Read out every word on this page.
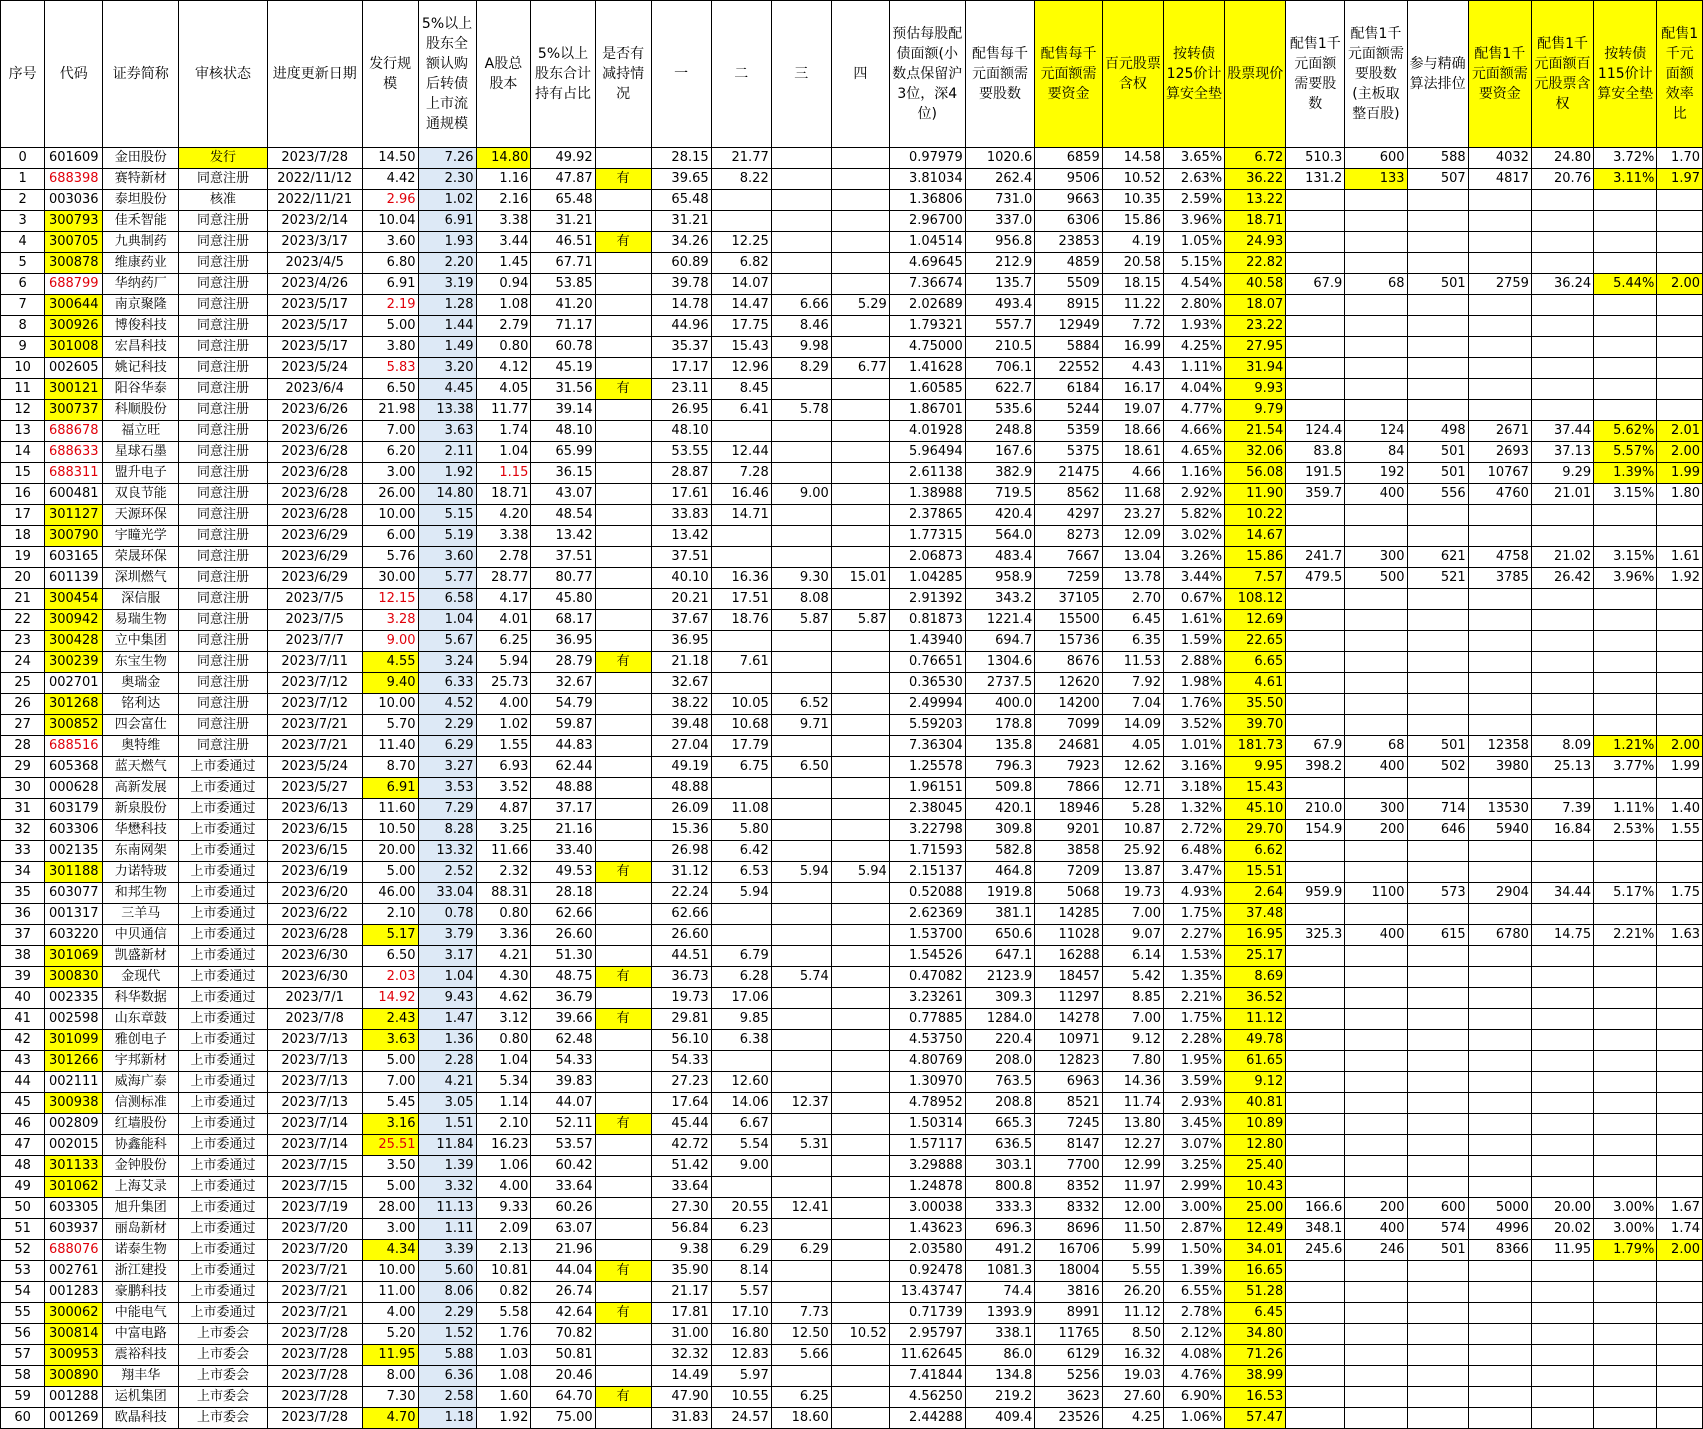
序号	代码	证券简称	审核状态	进度更新日期	发行规模	5%以上股东全额认购后转债上市流通规模	A股总股本	5%以上股东合计持有占比	是否有减持情况	一	二	三	四	预估每股配债面额(小数点保留沪3位，深4位)	配售每千元面额需要股数	配售每千元面额需要资金	百元股票含权	按转债125价计算安全垫	股票现价	配售1千元面额需要股数	配售1千元面额需要股数(主板取整百股)	参与精确算法排位	配售1千元面额需要资金	配售1千元面额百元股票含权	按转债115价计算安全垫	配售1千元面额效率比
0	601609	金田股份	发行	2023/7/28	14.50	7.26	14.80	49.92		28.15	21.77			0.97979	1020.6	6859	14.58	3.65%	6.72	510.3	600	588	4032	24.80	3.72%	1.70
1	688398	赛特新材	同意注册	2022/11/12	4.42	2.30	1.16	47.87	有	39.65	8.22			3.81034	262.4	9506	10.52	2.63%	36.22	131.2	133	507	4817	20.76	3.11%	1.97
2	003036	泰坦股份	核准	2022/11/21	2.96	1.02	2.16	65.48		65.48				1.36806	731.0	9663	10.35	2.59%	13.22							
3	300793	佳禾智能	同意注册	2023/2/14	10.04	6.91	3.38	31.21		31.21				2.96700	337.0	6306	15.86	3.96%	18.71							
4	300705	九典制药	同意注册	2023/3/17	3.60	1.93	3.44	46.51	有	34.26	12.25			1.04514	956.8	23853	4.19	1.05%	24.93							
5	300878	维康药业	同意注册	2023/4/5	6.80	2.20	1.45	67.71		60.89	6.82			4.69645	212.9	4859	20.58	5.15%	22.82							
6	688799	华纳药厂	同意注册	2023/4/26	6.91	3.19	0.94	53.85		39.78	14.07			7.36674	135.7	5509	18.15	4.54%	40.58	67.9	68	501	2759	36.24	5.44%	2.00
7	300644	南京聚隆	同意注册	2023/5/17	2.19	1.28	1.08	41.20		14.78	14.47	6.66	5.29	2.02689	493.4	8915	11.22	2.80%	18.07							
8	300926	博俊科技	同意注册	2023/5/17	5.00	1.44	2.79	71.17		44.96	17.75	8.46		1.79321	557.7	12949	7.72	1.93%	23.22							
9	301008	宏昌科技	同意注册	2023/5/17	3.80	1.49	0.80	60.78		35.37	15.43	9.98		4.75000	210.5	5884	16.99	4.25%	27.95							
10	002605	姚记科技	同意注册	2023/5/24	5.83	3.20	4.12	45.19		17.17	12.96	8.29	6.77	1.41628	706.1	22552	4.43	1.11%	31.94							
11	300121	阳谷华泰	同意注册	2023/6/4	6.50	4.45	4.05	31.56	有	23.11	8.45			1.60585	622.7	6184	16.17	4.04%	9.93							
12	300737	科顺股份	同意注册	2023/6/26	21.98	13.38	11.77	39.14		26.95	6.41	5.78		1.86701	535.6	5244	19.07	4.77%	9.79							
13	688678	福立旺	同意注册	2023/6/26	7.00	3.63	1.74	48.10		48.10				4.01928	248.8	5359	18.66	4.66%	21.54	124.4	124	498	2671	37.44	5.62%	2.01
14	688633	星球石墨	同意注册	2023/6/28	6.20	2.11	1.04	65.99		53.55	12.44			5.96494	167.6	5375	18.61	4.65%	32.06	83.8	84	501	2693	37.13	5.57%	2.00
15	688311	盟升电子	同意注册	2023/6/28	3.00	1.92	1.15	36.15		28.87	7.28			2.61138	382.9	21475	4.66	1.16%	56.08	191.5	192	501	10767	9.29	1.39%	1.99
16	600481	双良节能	同意注册	2023/6/28	26.00	14.80	18.71	43.07		17.61	16.46	9.00		1.38988	719.5	8562	11.68	2.92%	11.90	359.7	400	556	4760	21.01	3.15%	1.80
17	301127	天源环保	同意注册	2023/6/28	10.00	5.15	4.20	48.54		33.83	14.71			2.37865	420.4	4297	23.27	5.82%	10.22							
18	300790	宇瞳光学	同意注册	2023/6/29	6.00	5.19	3.38	13.42		13.42				1.77315	564.0	8273	12.09	3.02%	14.67							
19	603165	荣晟环保	同意注册	2023/6/29	5.76	3.60	2.78	37.51		37.51				2.06873	483.4	7667	13.04	3.26%	15.86	241.7	300	621	4758	21.02	3.15%	1.61
20	601139	深圳燃气	同意注册	2023/6/29	30.00	5.77	28.77	80.77		40.10	16.36	9.30	15.01	1.04285	958.9	7259	13.78	3.44%	7.57	479.5	500	521	3785	26.42	3.96%	1.92
21	300454	深信服	同意注册	2023/7/5	12.15	6.58	4.17	45.80		20.21	17.51	8.08		2.91392	343.2	37105	2.70	0.67%	108.12							
22	300942	易瑞生物	同意注册	2023/7/5	3.28	1.04	4.01	68.17		37.67	18.76	5.87	5.87	0.81873	1221.4	15500	6.45	1.61%	12.69							
23	300428	立中集团	同意注册	2023/7/7	9.00	5.67	6.25	36.95		36.95				1.43940	694.7	15736	6.35	1.59%	22.65							
24	300239	东宝生物	同意注册	2023/7/11	4.55	3.24	5.94	28.79	有	21.18	7.61			0.76651	1304.6	8676	11.53	2.88%	6.65							
25	002701	奥瑞金	同意注册	2023/7/12	9.40	6.33	25.73	32.67		32.67				0.36530	2737.5	12620	7.92	1.98%	4.61							
26	301268	铭利达	同意注册	2023/7/12	10.00	4.52	4.00	54.79		38.22	10.05	6.52		2.49994	400.0	14200	7.04	1.76%	35.50							
27	300852	四会富仕	同意注册	2023/7/21	5.70	2.29	1.02	59.87		39.48	10.68	9.71		5.59203	178.8	7099	14.09	3.52%	39.70							
28	688516	奥特维	同意注册	2023/7/21	11.40	6.29	1.55	44.83		27.04	17.79			7.36304	135.8	24681	4.05	1.01%	181.73	67.9	68	501	12358	8.09	1.21%	2.00
29	605368	蓝天燃气	上市委通过	2023/5/24	8.70	3.27	6.93	62.44		49.19	6.75	6.50		1.25578	796.3	7923	12.62	3.16%	9.95	398.2	400	502	3980	25.13	3.77%	1.99
30	000628	高新发展	上市委通过	2023/5/27	6.91	3.53	3.52	48.88		48.88				1.96151	509.8	7866	12.71	3.18%	15.43							
31	603179	新泉股份	上市委通过	2023/6/13	11.60	7.29	4.87	37.17		26.09	11.08			2.38045	420.1	18946	5.28	1.32%	45.10	210.0	300	714	13530	7.39	1.11%	1.40
32	603306	华懋科技	上市委通过	2023/6/15	10.50	8.28	3.25	21.16		15.36	5.80			3.22798	309.8	9201	10.87	2.72%	29.70	154.9	200	646	5940	16.84	2.53%	1.55
33	002135	东南网架	上市委通过	2023/6/15	20.00	13.32	11.66	33.40		26.98	6.42			1.71593	582.8	3858	25.92	6.48%	6.62							
34	301188	力诺特玻	上市委通过	2023/6/19	5.00	2.52	2.32	49.53	有	31.12	6.53	5.94	5.94	2.15137	464.8	7209	13.87	3.47%	15.51							
35	603077	和邦生物	上市委通过	2023/6/20	46.00	33.04	88.31	28.18		22.24	5.94			0.52088	1919.8	5068	19.73	4.93%	2.64	959.9	1100	573	2904	34.44	5.17%	1.75
36	001317	三羊马	上市委通过	2023/6/22	2.10	0.78	0.80	62.66		62.66				2.62369	381.1	14285	7.00	1.75%	37.48							
37	603220	中贝通信	上市委通过	2023/6/28	5.17	3.79	3.36	26.60		26.60				1.53700	650.6	11028	9.07	2.27%	16.95	325.3	400	615	6780	14.75	2.21%	1.63
38	301069	凯盛新材	上市委通过	2023/6/30	6.50	3.17	4.21	51.30		44.51	6.79			1.54526	647.1	16288	6.14	1.53%	25.17							
39	300830	金现代	上市委通过	2023/6/30	2.03	1.04	4.30	48.75	有	36.73	6.28	5.74		0.47082	2123.9	18457	5.42	1.35%	8.69							
40	002335	科华数据	上市委通过	2023/7/1	14.92	9.43	4.62	36.79		19.73	17.06			3.23261	309.3	11297	8.85	2.21%	36.52							
41	002598	山东章鼓	上市委通过	2023/7/8	2.43	1.47	3.12	39.66	有	29.81	9.85			0.77885	1284.0	14278	7.00	1.75%	11.12							
42	301099	雅创电子	上市委通过	2023/7/13	3.63	1.36	0.80	62.48		56.10	6.38			4.53750	220.4	10971	9.12	2.28%	49.78							
43	301266	宇邦新材	上市委通过	2023/7/13	5.00	2.28	1.04	54.33		54.33				4.80769	208.0	12823	7.80	1.95%	61.65							
44	002111	威海广泰	上市委通过	2023/7/13	7.00	4.21	5.34	39.83		27.23	12.60			1.30970	763.5	6963	14.36	3.59%	9.12							
45	300938	信测标准	上市委通过	2023/7/13	5.45	3.05	1.14	44.07		17.64	14.06	12.37		4.78952	208.8	8521	11.74	2.93%	40.81							
46	002809	红墙股份	上市委通过	2023/7/14	3.16	1.51	2.10	52.11	有	45.44	6.67			1.50314	665.3	7245	13.80	3.45%	10.89							
47	002015	协鑫能科	上市委通过	2023/7/14	25.51	11.84	16.23	53.57		42.72	5.54	5.31		1.57117	636.5	8147	12.27	3.07%	12.80							
48	301133	金钟股份	上市委通过	2023/7/15	3.50	1.39	1.06	60.42		51.42	9.00			3.29888	303.1	7700	12.99	3.25%	25.40							
49	301062	上海艾录	上市委通过	2023/7/15	5.00	3.32	4.00	33.64		33.64				1.24878	800.8	8352	11.97	2.99%	10.43							
50	603305	旭升集团	上市委通过	2023/7/19	28.00	11.13	9.33	60.26		27.30	20.55	12.41		3.00038	333.3	8332	12.00	3.00%	25.00	166.6	200	600	5000	20.00	3.00%	1.67
51	603937	丽岛新材	上市委通过	2023/7/20	3.00	1.11	2.09	63.07		56.84	6.23			1.43623	696.3	8696	11.50	2.87%	12.49	348.1	400	574	4996	20.02	3.00%	1.74
52	688076	诺泰生物	上市委通过	2023/7/20	4.34	3.39	2.13	21.96		9.38	6.29	6.29		2.03580	491.2	16706	5.99	1.50%	34.01	245.6	246	501	8366	11.95	1.79%	2.00
53	002761	浙江建投	上市委通过	2023/7/21	10.00	5.60	10.81	44.04	有	35.90	8.14			0.92478	1081.3	18004	5.55	1.39%	16.65							
54	001283	豪鹏科技	上市委通过	2023/7/21	11.00	8.06	0.82	26.74		21.17	5.57			13.43747	74.4	3816	26.20	6.55%	51.28							
55	300062	中能电气	上市委通过	2023/7/21	4.00	2.29	5.58	42.64	有	17.81	17.10	7.73		0.71739	1393.9	8991	11.12	2.78%	6.45							
56	300814	中富电路	上市委会	2023/7/28	5.20	1.52	1.76	70.82		31.00	16.80	12.50	10.52	2.95797	338.1	11765	8.50	2.12%	34.80							
57	300953	震裕科技	上市委会	2023/7/28	11.95	5.88	1.03	50.81		32.32	12.83	5.66		11.62645	86.0	6129	16.32	4.08%	71.26							
58	300890	翔丰华	上市委会	2023/7/28	8.00	6.36	1.08	20.46		14.49	5.97			7.41844	134.8	5256	19.03	4.76%	38.99							
59	001288	运机集团	上市委会	2023/7/28	7.30	2.58	1.60	64.70	有	47.90	10.55	6.25		4.56250	219.2	3623	27.60	6.90%	16.53							
60	001269	欧晶科技	上市委会	2023/7/28	4.70	1.18	1.92	75.00		31.83	24.57	18.60		2.44288	409.4	23526	4.25	1.06%	57.47							
